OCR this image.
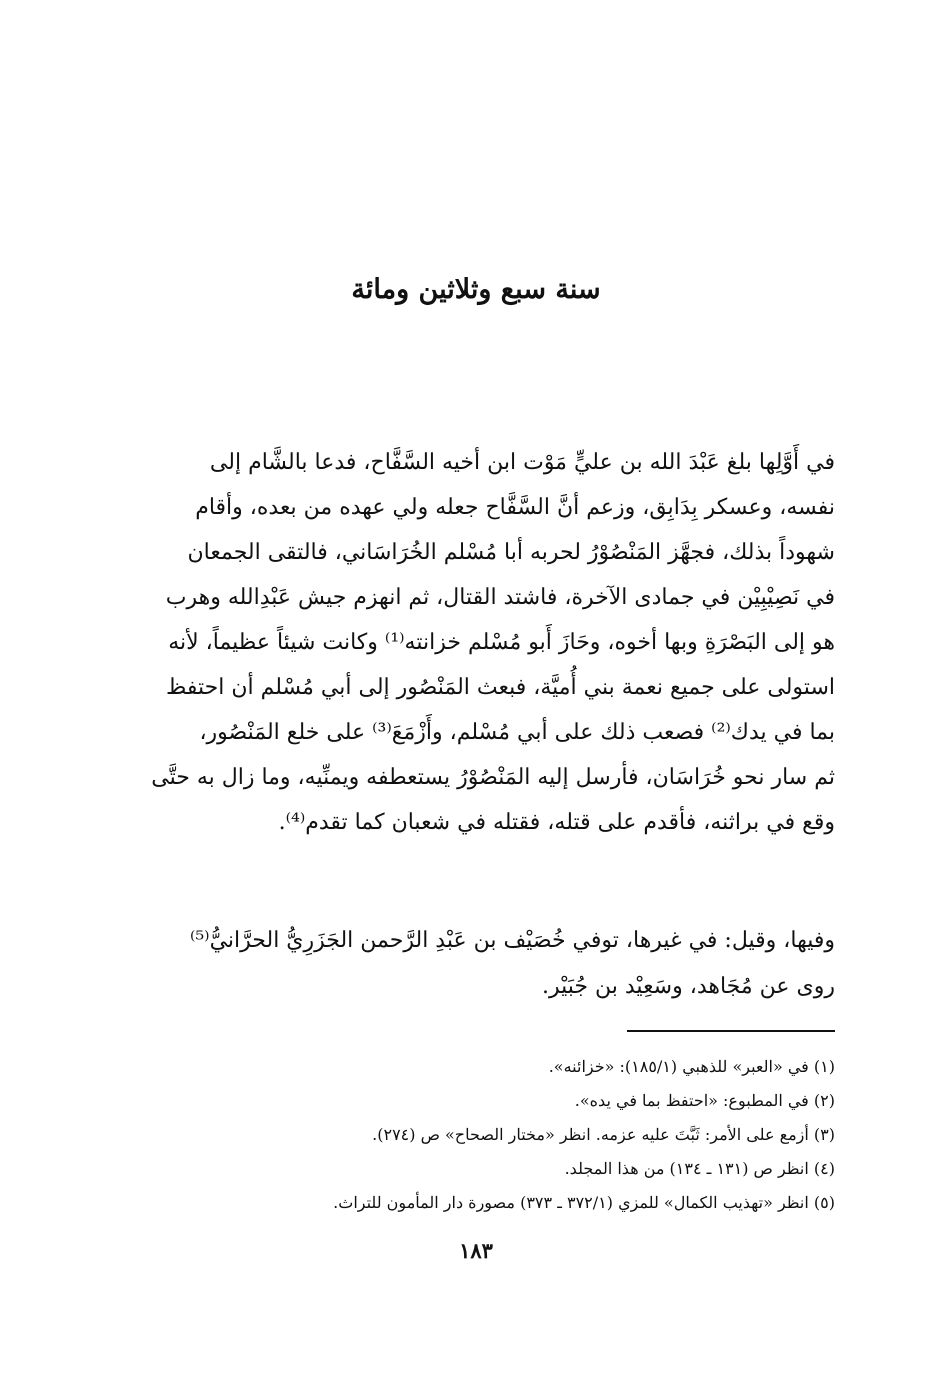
سنة سبع وثلاثين ومائة
في أَوَّلِها بلغ عَبْدَ الله بن عليٍّ مَوْت ابن أخيه السَّفَّاح، فدعا بالشَّام إلى
نفسه، وعسكر بِدَابِق، وزعم أنَّ السَّفَّاح جعله ولي عهده من بعده، وأقام
شهوداً بذلك، فجهَّز المَنْصُوْرُ لحربه أبا مُسْلم الخُرَاسَاني، فالتقى الجمعان
في نَصِيْبِيْن في جمادى الآخرة، فاشتد القتال، ثم انهزم جيش عَبْدِالله وهرب
هو إلى البَصْرَةِ وبها أخوه، وحَازَ أَبو مُسْلم خزانته⁽¹⁾ وكانت شيئاً عظيماً، لأنه
استولى على جميع نعمة بني أُميَّة، فبعث المَنْصُور إلى أبي مُسْلم أن احتفظ
بما في يدك⁽²⁾ فصعب ذلك على أبي مُسْلم، وأَزْمَعَ⁽³⁾ على خلع المَنْصُور،
ثم سار نحو خُرَاسَان، فأرسل إليه المَنْصُوْرُ يستعطفه ويمنِّيه، وما زال به حتَّى
وقع في براثنه، فأقدم على قتله، فقتله في شعبان كما تقدم⁽⁴⁾.
وفيها، وقيل: في غيرها، توفي خُصَيْف بن عَبْدِ الرَّحمن الجَزَرِيُّ الحرَّانيُّ⁽⁵⁾
روى عن مُجَاهد، وسَعِيْد بن جُبَيْر.
(١) في «العبر» للذهبي (١٨٥/١): «خزائنه».
(٢) في المطبوع: «احتفظ بما في يده».
(٣) أزمع على الأمر: ثَبَّتَ عليه عزمه. انظر «مختار الصحاح» ص (٢٧٤).
(٤) انظر ص (١٣١ ـ ١٣٤) من هذا المجلد.
(٥) انظر «تهذيب الكمال» للمزي (٣٧٢/١ ـ ٣٧٣) مصورة دار المأمون للتراث.
١٨٣
